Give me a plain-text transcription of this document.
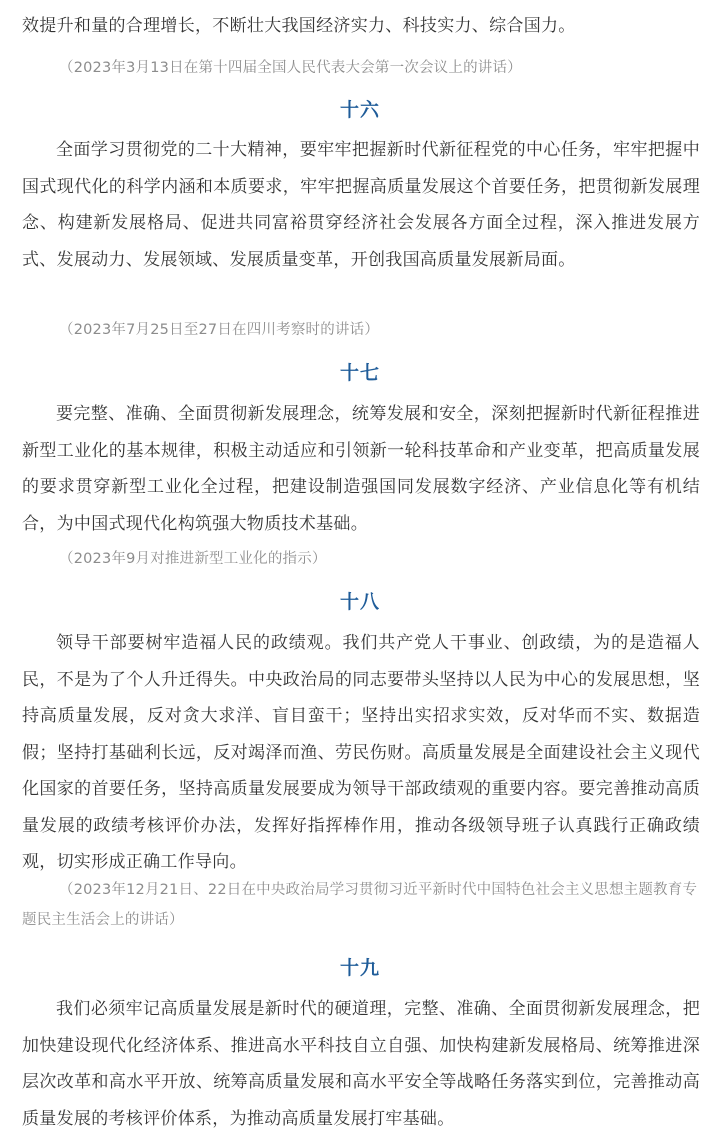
效提升和量的合理增长，不断壮大我国经济实力、科技实力、综合国力。

（2023年3月13日在第十四届全国人民代表大会第一次会议上的讲话）

十六

全面学习贯彻党的二十大精神，要牢牢把握新时代新征程党的中心任务，牢牢把握中国式现代化的科学内涵和本质要求，牢牢把握高质量发展这个首要任务，把贯彻新发展理念、构建新发展格局、促进共同富裕贯穿经济社会发展各方面全过程，深入推进发展方式、发展动力、发展领域、发展质量变革，开创我国高质量发展新局面。

（2023年7月25日至27日在四川考察时的讲话）

十七

要完整、准确、全面贯彻新发展理念，统筹发展和安全，深刻把握新时代新征程推进新型工业化的基本规律，积极主动适应和引领新一轮科技革命和产业变革，把高质量发展的要求贯穿新型工业化全过程，把建设制造强国同发展数字经济、产业信息化等有机结合，为中国式现代化构筑强大物质技术基础。

（2023年9月对推进新型工业化的指示）

十八

领导干部要树牢造福人民的政绩观。我们共产党人干事业、创政绩，为的是造福人民，不是为了个人升迁得失。中央政治局的同志要带头坚持以人民为中心的发展思想，坚持高质量发展，反对贪大求洋、盲目蛮干；坚持出实招求实效，反对华而不实、数据造假；坚持打基础利长远，反对竭泽而渔、劳民伤财。高质量发展是全面建设社会主义现代化国家的首要任务，坚持高质量发展要成为领导干部政绩观的重要内容。要完善推动高质量发展的政绩考核评价办法，发挥好指挥棒作用，推动各级领导班子认真践行正确政绩观，切实形成正确工作导向。

（2023年12月21日、22日在中央政治局学习贯彻习近平新时代中国特色社会主义思想主题教育专题民主生活会上的讲话）

十九

我们必须牢记高质量发展是新时代的硬道理，完整、准确、全面贯彻新发展理念，把加快建设现代化经济体系、推进高水平科技自立自强、加快构建新发展格局、统筹推进深层次改革和高水平开放、统筹高质量发展和高水平安全等战略任务落实到位，完善推动高质量发展的考核评价体系，为推动高质量发展打牢基础。
